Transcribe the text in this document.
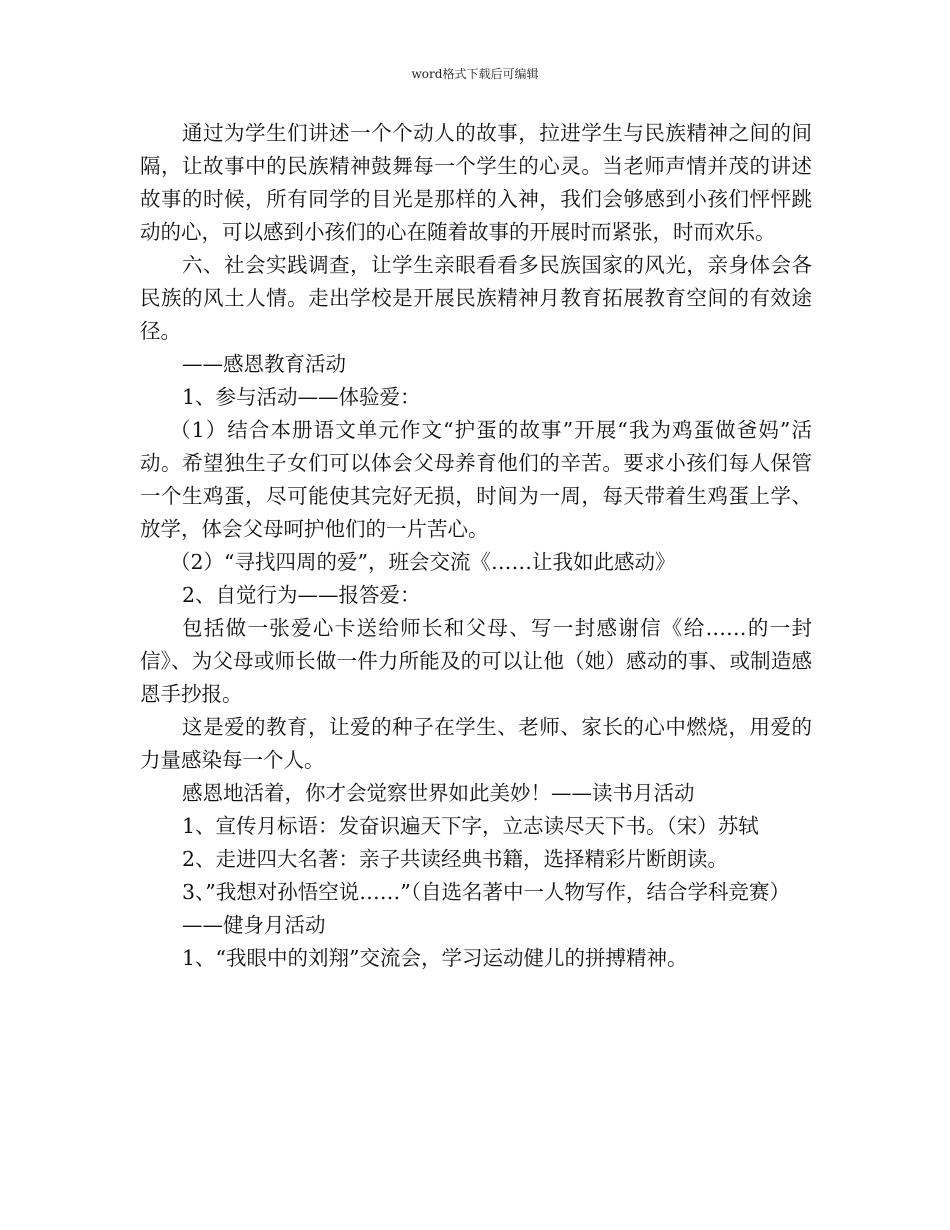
word格式下载后可编辑

通过为学生们讲述一个个动人的故事，拉进学生与民族精神之间的间隔，让故事中的民族精神鼓舞每一个学生的心灵。当老师声情并茂的讲述故事的时候，所有同学的目光是那样的入神，我们会够感到小孩们怦怦跳动的心，可以感到小孩们的心在随着故事的开展时而紧张，时而欢乐。

六、社会实践调查，让学生亲眼看看多民族国家的风光，亲身体会各民族的风土人情。走出学校是开展民族精神月教育拓展教育空间的有效途径。

——感恩教育活动

1、参与活动——体验爱：

（1）结合本册语文单元作文“护蛋的故事”开展“我为鸡蛋做爸妈”活动。希望独生子女们可以体会父母养育他们的辛苦。要求小孩们每人保管一个生鸡蛋，尽可能使其完好无损，时间为一周，每天带着生鸡蛋上学、放学，体会父母呵护他们的一片苦心。

（2）“寻找四周的爱”，班会交流《……让我如此感动》

2、自觉行为——报答爱：

包括做一张爱心卡送给师长和父母、写一封感谢信《给……的一封信》、为父母或师长做一件力所能及的可以让他（她）感动的事、或制造感恩手抄报。

这是爱的教育，让爱的种子在学生、老师、家长的心中燃烧，用爱的力量感染每一个人。

感恩地活着，你才会觉察世界如此美妙！——读书月活动

1、宣传月标语：发奋识遍天下字，立志读尽天下书。（宋）苏轼

2、走进四大名著：亲子共读经典书籍，选择精彩片断朗读。

3、”我想对孙悟空说……”（自选名著中一人物写作，结合学科竞赛）

——健身月活动

1、“我眼中的刘翔”交流会，学习运动健儿的拼搏精神。
